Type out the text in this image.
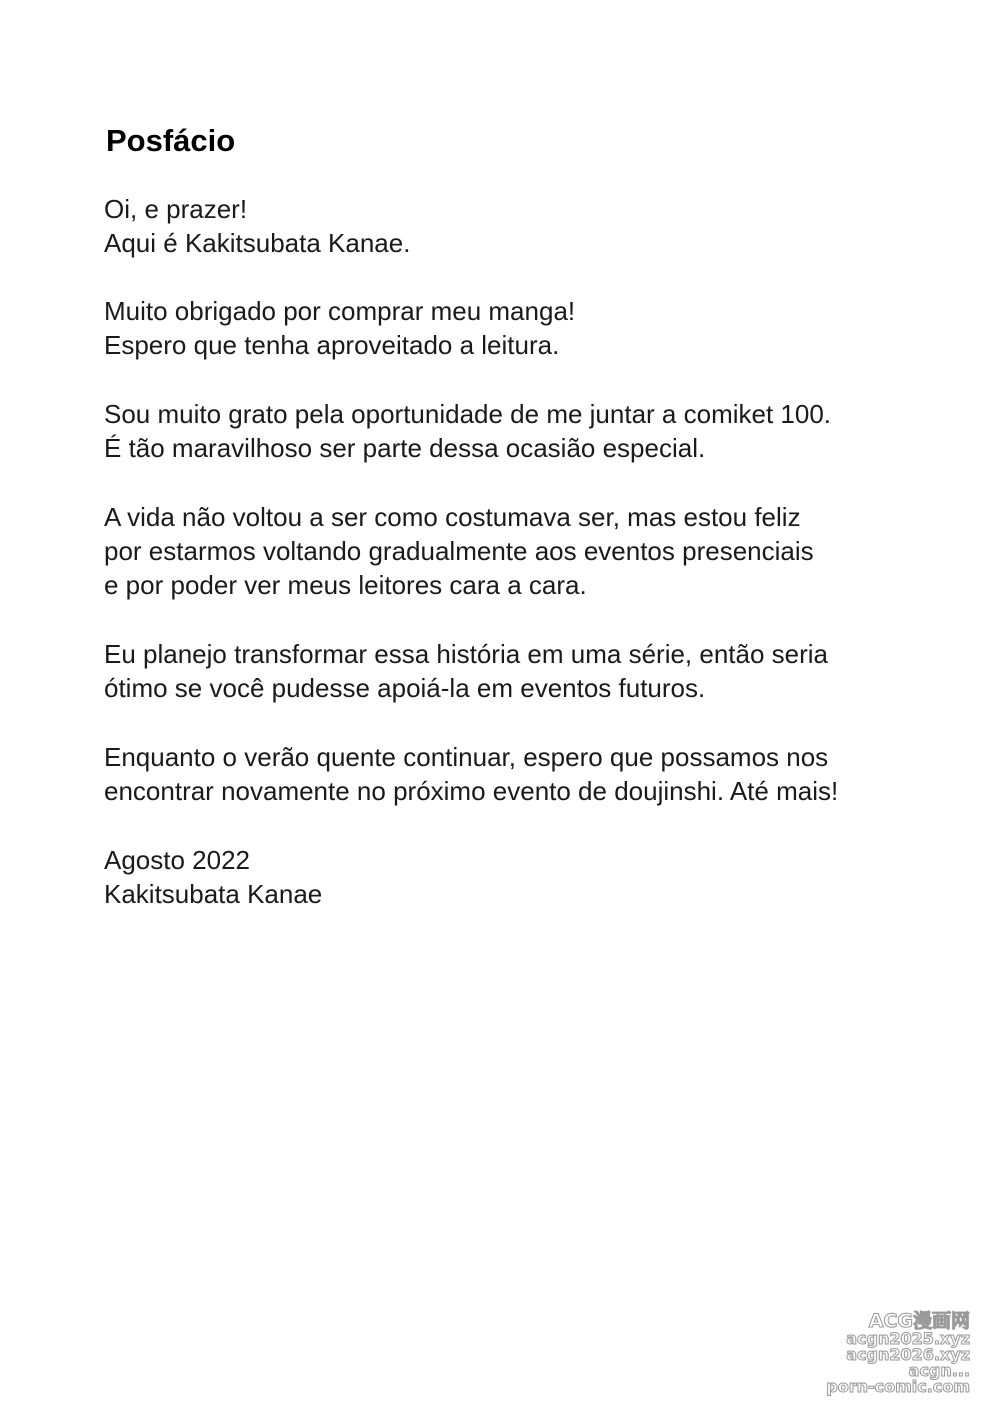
Posfácio
Oi, e prazer!
Aqui é Kakitsubata Kanae.
Muito obrigado por comprar meu manga!
Espero que tenha aproveitado a leitura.
Sou muito grato pela oportunidade de me juntar a comiket 100.
É tão maravilhoso ser parte dessa ocasião especial.
A vida não voltou a ser como costumava ser, mas estou feliz
por estarmos voltando gradualmente aos eventos presenciais
e por poder ver meus leitores cara a cara.
Eu planejo transformar essa história em uma série, então seria
ótimo se você pudesse apoiá-la em eventos futuros.
Enquanto o verão quente continuar, espero que possamos nos
encontrar novamente no próximo evento de doujinshi. Até mais!
Agosto 2022
Kakitsubata Kanae
ACG漫画网
acgn2025.xyz
acgn2026.xyz
acgn...
porn-comic.com
